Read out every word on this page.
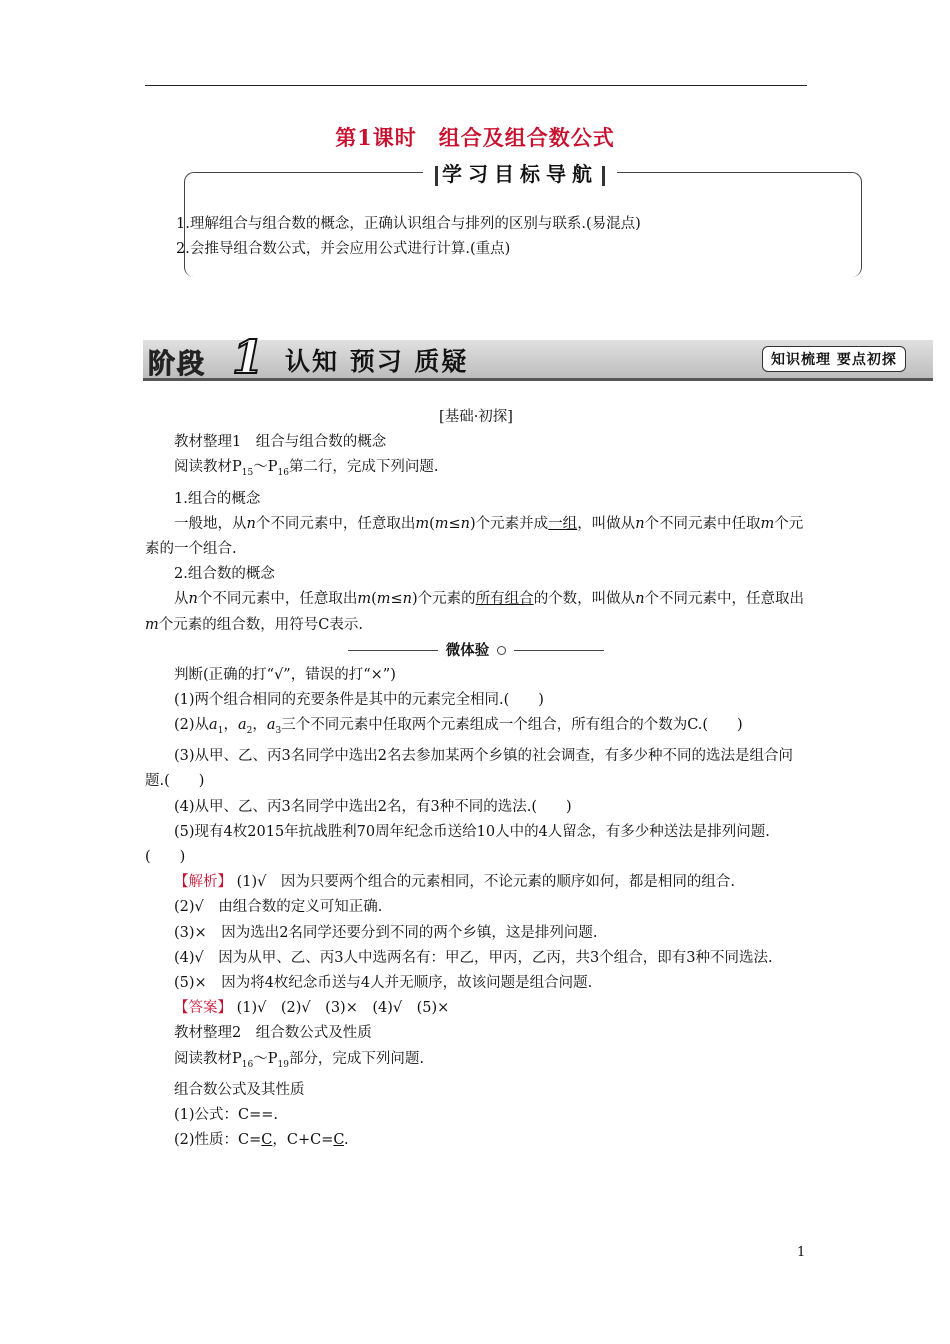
第1课时　组合及组合数公式
学习目标导航
1.理解组合与组合数的概念，正确认识组合与排列的区别与联系.(易混点)
2.会推导组合数公式，并会应用公式进行计算.(重点)
阶段 1 认知 预习 质疑	知识梳理 要点初探

[基础·初探]

教材整理1　组合与组合数的概念

阅读教材$P_{15}\sim P_{16}$第二行，完成下列问题.

1.组合的概念

一般地，从n个不同元素中，任意取出m(m≤n)个元素并成一组，叫做从n个不同元素中任取m个元素的一个组合.

2.组合数的概念

从n个不同元素中，任意取出m(m≤n)个元素的所有组合的个数，叫做从n个不同元素中，任意取出m个元素的组合数，用符号C表示.

微体验

判断(正确的打“√”，错误的打“×”)

(1)两个组合相同的充要条件是其中的元素完全相同.(　　)

(2)从$a_1$，$a_2$，$a_3$三个不同元素中任取两个元素组成一个组合，所有组合的个数为C.(　　)

(3)从甲、乙、丙3名同学中选出2名去参加某两个乡镇的社会调查，有多少种不同的选法是组合问题.(　　)

(4)从甲、乙、丙3名同学中选出2名，有3种不同的选法.(　　)

(5)现有4枚2015年抗战胜利70周年纪念币送给10人中的4人留念，有多少种送法是排列问题.(　　)

【解析】 (1)√　因为只要两个组合的元素相同，不论元素的顺序如何，都是相同的组合.

(2)√　由组合数的定义可知正确.

(3)×　因为选出2名同学还要分到不同的两个乡镇，这是排列问题.

(4)√　因为从甲、乙、丙3人中选两名有：甲乙，甲丙，乙丙，共3个组合，即有3种不同选法.

(5)×　因为将4枚纪念币送与4人并无顺序，故该问题是组合问题.

【答案】 (1)√　(2)√　(3)×　(4)√　(5)×

教材整理2　组合数公式及性质

阅读教材$P_{16}\sim P_{19}$部分，完成下列问题.

组合数公式及其性质

(1)公式：C==.

(2)性质：C=C，C+C=C.

1
